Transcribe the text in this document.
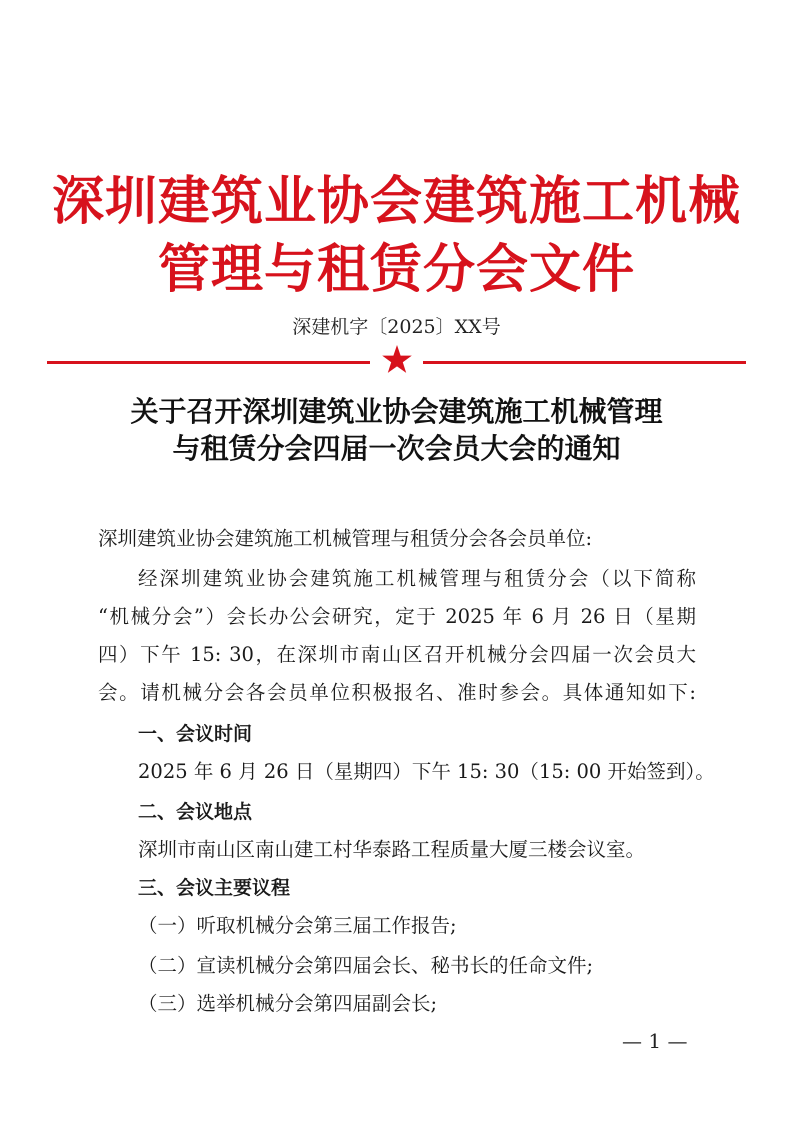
深圳建筑业协会建筑施工机械
管理与租赁分会文件
深建机字〔2025〕XX号
关于召开深圳建筑业协会建筑施工机械管理
与租赁分会四届一次会员大会的通知
深圳建筑业协会建筑施工机械管理与租赁分会各会员单位:
经深圳建筑业协会建筑施工机械管理与租赁分会（以下简称
“机械分会”）会长办公会研究，定于 2025 年 6 月 26 日（星期
四）下午 15: 30，在深圳市南山区召开机械分会四届一次会员大
会。请机械分会各会员单位积极报名、准时参会。具体通知如下:
一、会议时间
2025 年 6 月 26 日（星期四）下午 15: 30（15: 00 开始签到）。
二、会议地点
深圳市南山区南山建工村华泰路工程质量大厦三楼会议室。
三、会议主要议程
（一）听取机械分会第三届工作报告;
（二）宣读机械分会第四届会长、秘书长的任命文件;
（三）选举机械分会第四届副会长;
— 1 —
